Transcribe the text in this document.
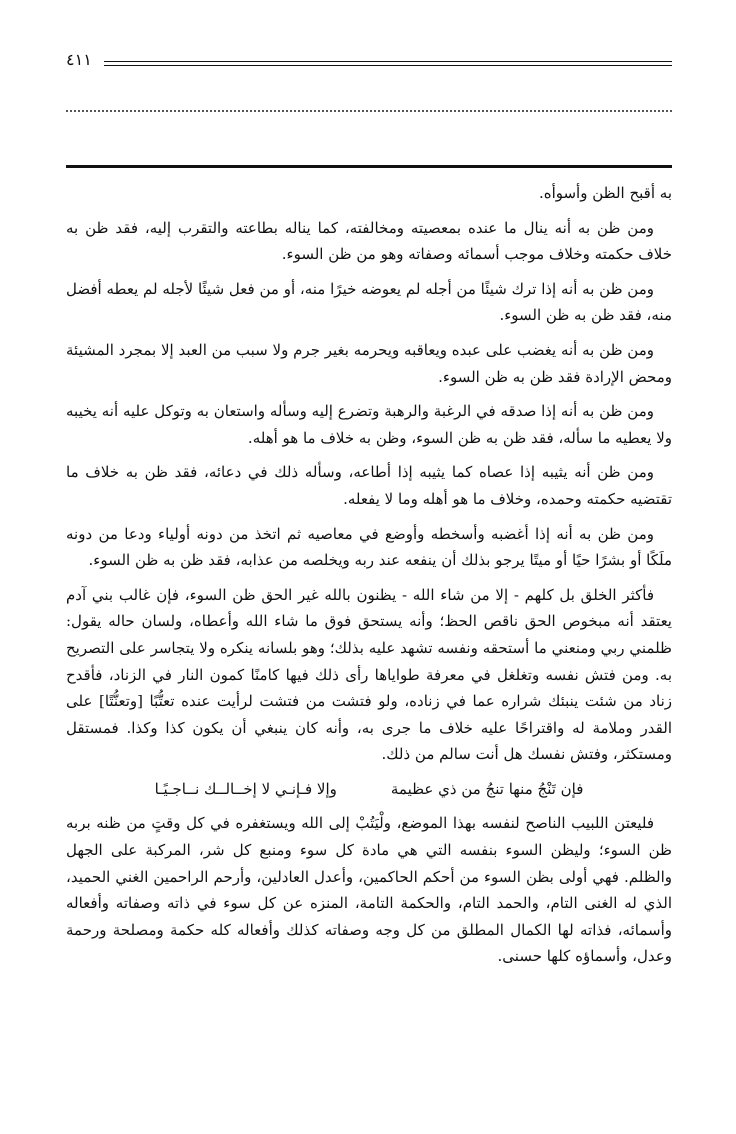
٤١١

به أقبح الظن وأسوأه.

ومن ظن به أنه ينال ما عنده بمعصيته ومخالفته، كما يناله بطاعته والتقرب إليه، فقد ظن به خلاف حكمته وخلاف موجب أسمائه وصفاته وهو من ظن السوء.

ومن ظن به أنه إذا ترك شيئًا من أجله لم يعوضه خيرًا منه، أو من فعل شيئًا لأجله لم يعطه أفضل منه، فقد ظن به ظن السوء.

ومن ظن به أنه يغضب على عبده ويعاقبه ويحرمه بغير جرم ولا سبب من العبد إلا بمجرد المشيئة ومحض الإرادة فقد ظن به ظن السوء.

ومن ظن به أنه إذا صدقه في الرغبة والرهبة وتضرع إليه وسأله واستعان به وتوكل عليه أنه يخيبه ولا يعطيه ما سأله، فقد ظن به ظن السوء، وظن به خلاف ما هو أهله.

ومن ظن أنه يثيبه إذا عصاه كما يثيبه إذا أطاعه، وسأله ذلك في دعائه، فقد ظن به خلاف ما تقتضيه حكمته وحمده، وخلاف ما هو أهله وما لا يفعله.

ومن ظن به أنه إذا أغضبه وأسخطه وأوضع في معاصيه ثم اتخذ من دونه أولياء ودعا من دونه ملَكًا أو بشرًا حيًا أو ميتًا يرجو بذلك أن ينفعه عند ربه ويخلصه من عذابه، فقد ظن به ظن السوء.

فأكثر الخلق بل كلهم - إلا من شاء الله - يظنون بالله غير الحق ظن السوء، فإن غالب بني آدم يعتقد أنه مبخوص الحق ناقص الحظ؛ وأنه يستحق فوق ما شاء الله وأعطاه، ولسان حاله يقول: ظلمني ربي ومنعني ما أستحقه ونفسه تشهد عليه بذلك؛ وهو بلسانه ينكره ولا يتجاسر على التصريح به. ومن فتش نفسه وتغلغل في معرفة طواياها رأى ذلك فيها كامنًا كمون النار في الزناد، فأقدح زناد من شئت ينبئك شراره عما في زناده، ولو فتشت من فتشت لرأيت عنده تعتُّبًا [وتعنُّتًا] على القدر وملامة له واقتراحًا عليه خلاف ما جرى به، وأنه كان ينبغي أن يكون كذا وكذا. فمستقل ومستكثر، وفتش نفسك هل أنت سالم من ذلك.

فإن تَنْجُ منها تنجُ من ذي عظيمة
وإلا فـإنـي لا إخــالــك نــاجـيًـا

فليعتن اللبيب الناصح لنفسه بهذا الموضع، ولْيَتُبْ إلى الله ويستغفره في كل وقتٍ من ظنه بربه ظن السوء؛ وليظن السوء بنفسه التي هي مادة كل سوء ومنبع كل شر، المركبة على الجهل والظلم. فهي أولى بظن السوء من أحكم الحاكمين، وأعدل العادلين، وأرحم الراحمين الغني الحميد، الذي له الغنى التام، والحمد التام، والحكمة التامة، المنزه عن كل سوء في ذاته وصفاته وأفعاله وأسمائه، فذاته لها الكمال المطلق من كل وجه وصفاته كذلك وأفعاله كله حكمة ومصلحة ورحمة وعدل، وأسماؤه كلها حسنى.
